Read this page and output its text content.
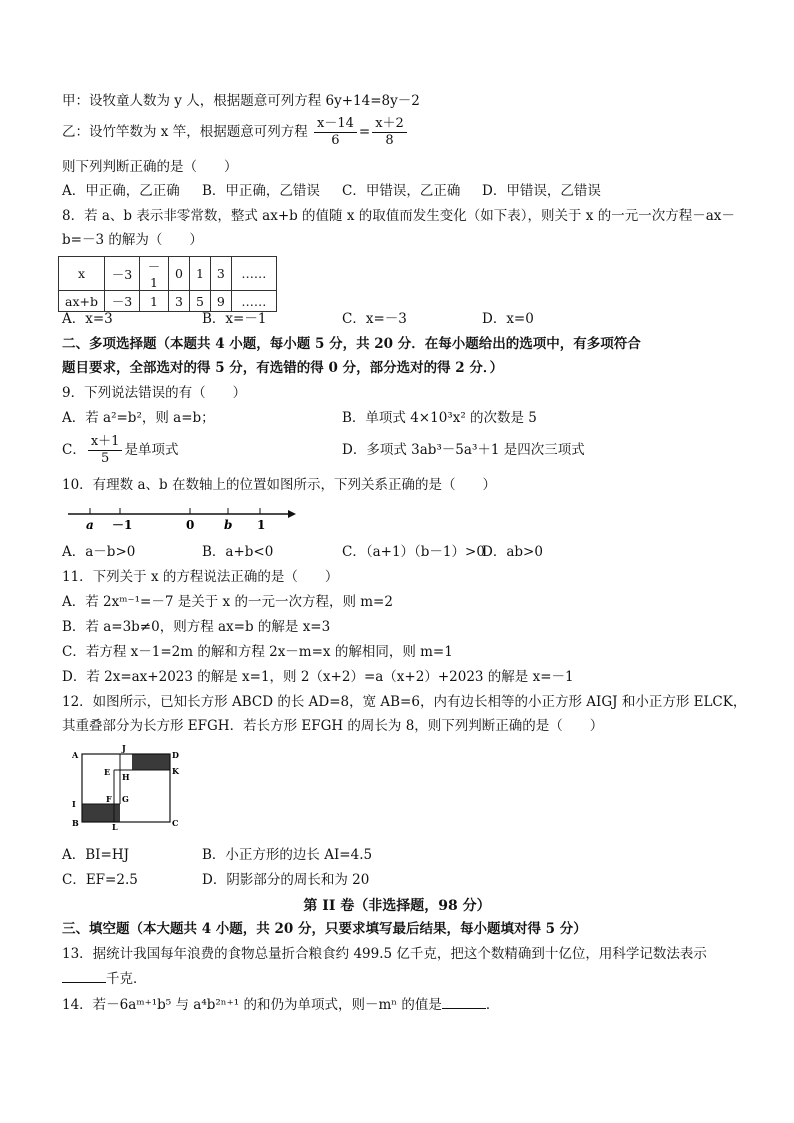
甲：设牧童人数为 y 人，根据题意可列方程 6y+14=8y－2
乙：设竹竿数为 x 竿，根据题意可列方程 $\frac{x-14}{6} = \frac{x+2}{8}$
则下列判断正确的是（　　）
A．甲正确，乙正确 B．甲正确，乙错误 C．甲错误，乙正确 D．甲错误，乙错误
8．若 a、b 表示非零常数，整式 ax+b 的值随 x 的取值而发生变化（如下表），则关于 x 的一元一次方程－ax－
b=－3 的解为（　　）
x	－3	－1	0	1	3	……
ax+b	－3	1	3	5	9	……
A．x=3	B．x=－1	C．x=－3	D．x=0
二、多项选择题（本题共 4 小题，每小题 5 分，共 20 分．在每小题给出的选项中，有多项符合
题目要求，全部选对的得 5 分，有选错的得 0 分，部分选对的得 2 分．）
9．下列说法错误的有（　　）
A．若 a²=b²，则 a=b；	B．单项式 4×10³x² 的次数是 5
C． $\frac{x+1}{5}$ 是单项式	D．多项式 3ab³－5a³＋1 是四次三项式
10．有理数 a、b 在数轴上的位置如图所示，下列关系正确的是（　　）
a －1	0 b 1
A．a－b>0	B．a+b<0	C．（a+1）（b－1）>0
D．ab>0
11．下列关于 x 的方程说法正确的是（　　）
A．若 2xᵐ⁻¹=－7 是关于 x 的一元一次方程，则 m=2
B．若 a=3b≠0，则方程 ax=b 的解是 x=3
C．若方程 x－1=2m 的解和方程 2x－m=x 的解相同，则 m=1
D．若 2x=ax+2023 的解是 x=1，则 2（x+2）=a（x+2）+2023 的解是 x=－1
12．如图所示，已知长方形 ABCD 的长 AD=8，宽 AB=6，内有边长相等的小正方形 AIGJ 和小正方形 ELCK，
其重叠部分为长方形 EFGH．若长方形 EFGH 的周长为 8，则下列判断正确的是（　　）
A
J
D
E H
K
I	F G
B	L	C
A．BI=HJ	B．小正方形的边长 AI=4.5
C．EF=2.5	D．阴影部分的周长和为 20
第 II 卷（非选择题，98 分）
三、填空题（本大题共 4 小题，共 20 分，只要求填写最后结果，每小题填对得 5 分）
13．据统计我国每年浪费的食物总量折合粮食约 499.5 亿千克，把这个数精确到十亿位，用科学记数法表示
千克．
14．若－6aᵐ⁺¹b⁵ 与 a⁴b²ⁿ⁺¹ 的和仍为单项式，则－mⁿ 的值是	．
